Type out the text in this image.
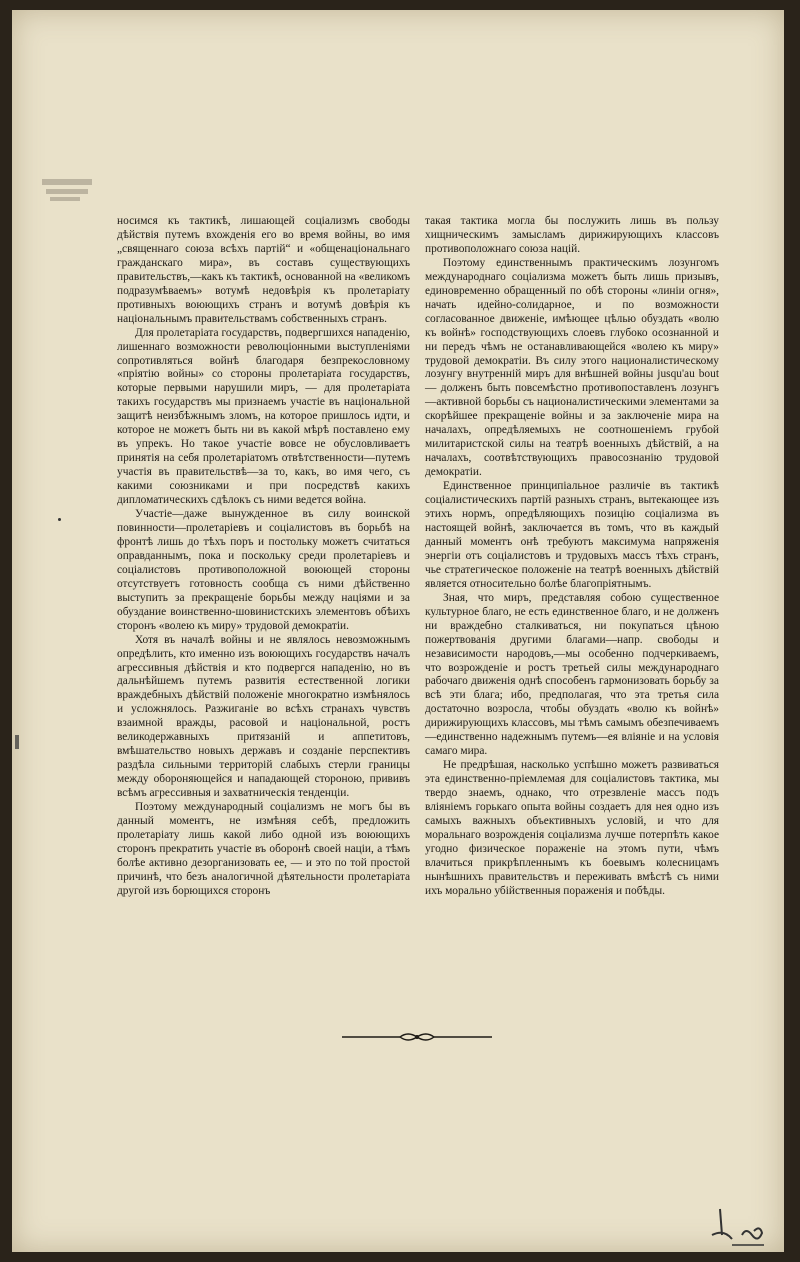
носимся къ тактикѣ, лишающей соціализмъ свободы дѣйствія путемъ вхожденія его во время войны, во имя „священнаго союза всѣхъ партій“ и «общенаціональнаго гражданскаго мира», въ составъ существующихъ правительствъ,—какъ къ тактикѣ, основанной на «великомъ подразумѣваемъ» вотумѣ недовѣрія къ пролетаріату противныхъ воюющихъ странъ и вотумѣ довѣрія къ національнымъ правительствамъ собственныхъ странъ.

Для пролетаріата государствъ, подвергшихся нападенію, лишеннаго возможности революціонными выступленіями сопротивляться войнѣ благодаря безпрекословному «пріятію войны» со стороны пролетаріата государствъ, которые первыми нарушили миръ, — для пролетаріата такихъ государствъ мы признаемъ участіе въ національной защитѣ неизбѣжнымъ зломъ, на которое пришлось идти, и которое не можетъ быть ни въ какой мѣрѣ поставлено ему въ упрекъ. Но такое участіе вовсе не обусловливаетъ принятія на себя пролетаріатомъ отвѣтственности—путемъ участія въ правительствѣ—за то, какъ, во имя чего, съ какими союзниками и при посредствѣ какихъ дипломатическихъ сдѣлокъ съ ними ведется война.

Участіе—даже вынужденное въ силу воинской повинности—пролетаріевъ и соціалистовъ въ борьбѣ на фронтѣ лишь до тѣхъ поръ и постольку можетъ считаться оправданнымъ, пока и поскольку среди пролетаріевъ и соціалистовъ противоположной воюющей стороны отсутствуетъ готовность сообща съ ними дѣйственно выступить за прекращеніе борьбы между націями и за обуздание воинственно-шовинистскихъ элементовъ обѣихъ сторонъ «волею къ миру» трудовой демократіи.

Хотя въ началѣ войны и не являлось невозможнымъ опредѣлить, кто именно изъ воюющихъ государствъ началъ агрессивныя дѣйствія и кто подвергся нападенію, но въ дальнѣйшемъ путемъ развитія естественной логики враждебныхъ дѣйствій положеніе многократно измѣнялось и усложнялось. Разжиганіе во всѣхъ странахъ чувствъ взаимной вражды, расовой и національной, ростъ великодержавныхъ притязаній и аппетитовъ, вмѣшательство новыхъ державъ и созданіе перспективъ раздѣла сильными территорій слабыхъ стерли границы между обороняющейся и нападающей стороною, прививъ всѣмъ агрессивныя и захватническія тенденціи.

Поэтому международный соціализмъ не могъ бы въ данный моментъ, не измѣняя себѣ, предложить пролетаріату лишь какой либо одной изъ воюющихъ сторонъ прекратить участіе въ оборонѣ своей націи, а тѣмъ болѣе активно дезорганизовать ее, — и это по той простой причинѣ, что безъ аналогичной дѣятельности пролетаріата другой изъ борющихся сторонъ

такая тактика могла бы послужить лишь въ пользу хищническимъ замысламъ дирижирующихъ классовъ противоположнаго союза націй.

Поэтому единственнымъ практическимъ лозунгомъ международнаго соціализма можетъ быть лишь призывъ, единовременно обращенный по обѣ стороны «линіи огня», начать идейно-солидарное, и по возможности согласованное движеніе, имѣющее цѣлью обуздать «волю къ войнѣ» господствующихъ слоевъ глубоко осознанной и ни передъ чѣмъ не останавливающейся «волею къ миру» трудовой демократіи. Въ силу этого националистическому лозунгу внутренній миръ для внѣшней войны jusqu'au bout — долженъ быть повсемѣстно противопоставленъ лозунгъ—активной борьбы съ националистическими элементами за скорѣйшее прекращеніе войны и за заключеніе мира на началахъ, опредѣляемыхъ не соотношеніемъ грубой милитаристской силы на театрѣ военныхъ дѣйствій, а на началахъ, соотвѣтствующихъ правосознанію трудовой демократіи.

Единственное принципіальное различіе въ тактикѣ соціалистическихъ партій разныхъ странъ, вытекающее изъ этихъ нормъ, опредѣляющихъ позицію соціализма въ настоящей войнѣ, заключается въ томъ, что въ каждый данный моментъ онѣ требуютъ максимума напряженія энергіи отъ соціалистовъ и трудовыхъ массъ тѣхъ странъ, чье стратегическое положеніе на театрѣ военныхъ дѣйствій является относительно болѣе благопріятнымъ.

Зная, что миръ, представляя собою существенное культурное благо, не есть единственное благо, и не долженъ ни враждебно сталкиваться, ни покупаться цѣною пожертвованія другими благами—напр. свободы и независимости народовъ,—мы особенно подчеркиваемъ, что возрожденіе и ростъ третьей силы международнаго рабочаго движенія однѣ способенъ гармонизовать борьбу за всѣ эти блага; ибо, предполагая, что эта третья сила достаточно возросла, чтобы обуздать «волю къ войнѣ» дирижирующихъ классовъ, мы тѣмъ самымъ обезпечиваемъ—единственно надежнымъ путемъ—ея вліяніе и на условія самаго мира.

Не предрѣшая, насколько успѣшно можетъ развиваться эта единственно-пріемлемая для соціалистовъ тактика, мы твердо знаемъ, однако, что отрезвленіе массъ подъ вліяніемъ горькаго опыта войны создаетъ для нея одно изъ самыхъ важныхъ объективныхъ условій, и что для моральнаго возрожденія соціализма лучше потерпѣть какое угодно физическое пораженіе на этомъ пути, чѣмъ влачиться прикрѣпленнымъ къ боевымъ колесницамъ нынѣшнихъ правительствъ и переживать вмѣстѣ съ ними ихъ морально убійственныя пораженія и побѣды.
